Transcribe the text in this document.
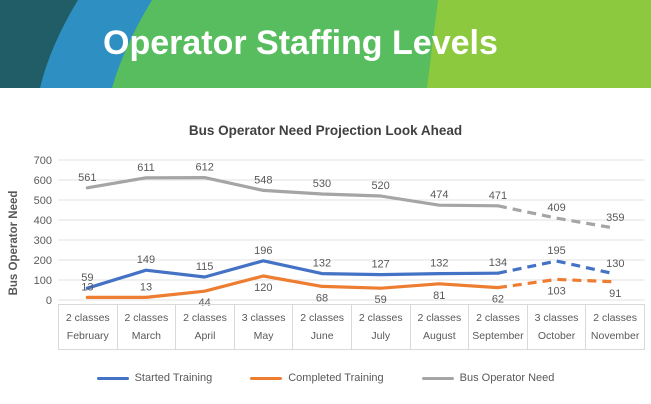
Operator Staffing Levels
Bus Operator Need Projection Look Ahead
Bus Operator Need
0
100
200
300
400
500
600
700
561
611	612
548	530	520
474	471
409
359
59
149
115
196
132	127	132	134
195
130
13	13
44
120
68	59	81	62
103	91
2 classes
February
2 classes
March
2 classes
April
3 classes
May
2 classes
June
2 classes
July
2 classes
August
2 classes
September
3 classes
October
2 classes
November
Started Training	Completed Training	Bus Operator Need
